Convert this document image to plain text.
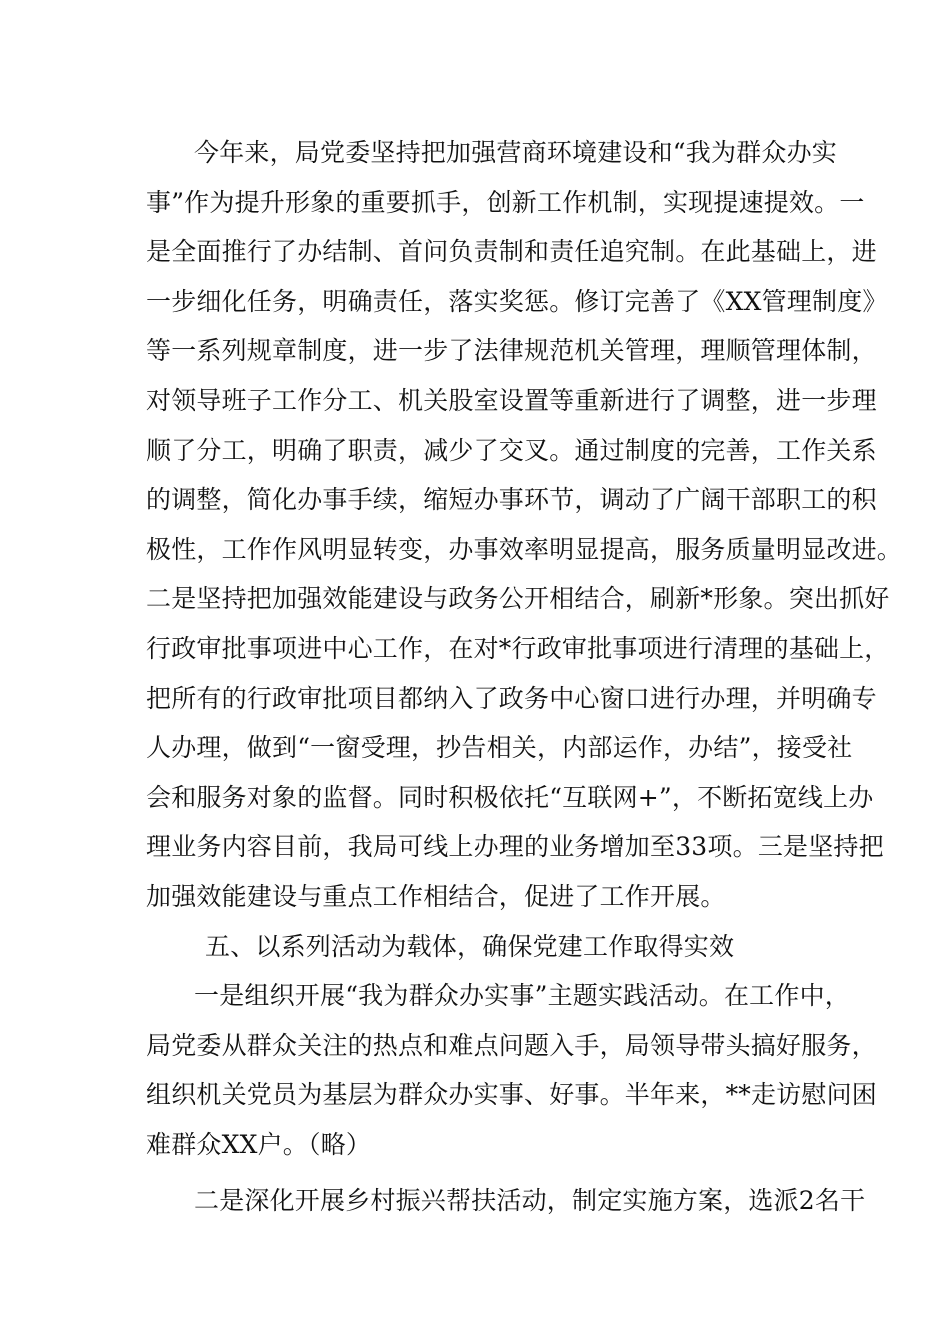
今年来，局党委坚持把加强营商环境建设和“我为群众办实
事”作为提升形象的重要抓手，创新工作机制，实现提速提效。一
是全面推行了办结制、首问负责制和责任追究制。在此基础上，进
一步细化任务，明确责任，落实奖惩。修订完善了《XX管理制度》
等一系列规章制度，进一步了法律规范机关管理，理顺管理体制，
对领导班子工作分工、机关股室设置等重新进行了调整，进一步理
顺了分工，明确了职责，减少了交叉。通过制度的完善，工作关系
的调整，简化办事手续，缩短办事环节，调动了广阔干部职工的积
极性，工作作风明显转变，办事效率明显提高，服务质量明显改进。
二是坚持把加强效能建设与政务公开相结合，刷新*形象。突出抓好
行政审批事项进中心工作，在对*行政审批事项进行清理的基础上，
把所有的行政审批项目都纳入了政务中心窗口进行办理，并明确专
人办理，做到“一窗受理，抄告相关，内部运作，办结”，接受社
会和服务对象的监督。同时积极依托“互联网+”，不断拓宽线上办
理业务内容目前，我局可线上办理的业务增加至33项。三是坚持把
加强效能建设与重点工作相结合，促进了工作开展。
五、以系列活动为载体，确保党建工作取得实效
一是组织开展“我为群众办实事”主题实践活动。在工作中，
局党委从群众关注的热点和难点问题入手，局领导带头搞好服务，
组织机关党员为基层为群众办实事、好事。半年来，**走访慰问困
难群众XX户。（略）
二是深化开展乡村振兴帮扶活动，制定实施方案，选派2名干
